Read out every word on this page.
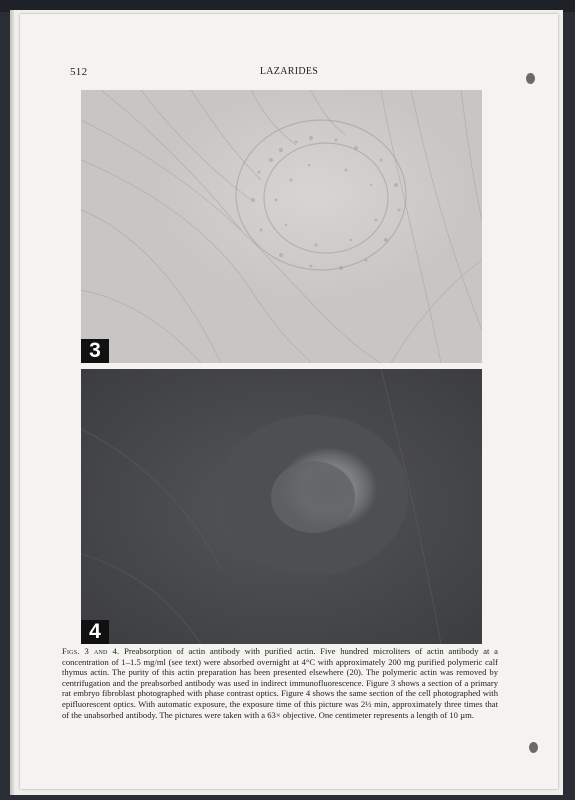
512	LAZARIDES
3
4
Figs. 3 and 4. Preabsorption of actin antibody with purified actin. Five hundred microliters of actin antibody at a concentration of 1–1.5 mg/ml (see text) were absorbed overnight at 4°C with approximately 200 mg purified polymeric calf thymus actin. The purity of this actin preparation has been presented elsewhere (20). The polymeric actin was removed by centrifugation and the preabsorbed antibody was used in indirect immunofluorescence. Figure 3 shows a section of a primary rat embryo fibroblast photographed with phase contrast optics. Figure 4 shows the same section of the cell photographed with epifluorescent optics. With automatic exposure, the exposure time of this picture was 2½ min, approximately three times that of the unabsorbed antibody. The pictures were taken with a 63× objective. One centimeter represents a length of 10 µm.
